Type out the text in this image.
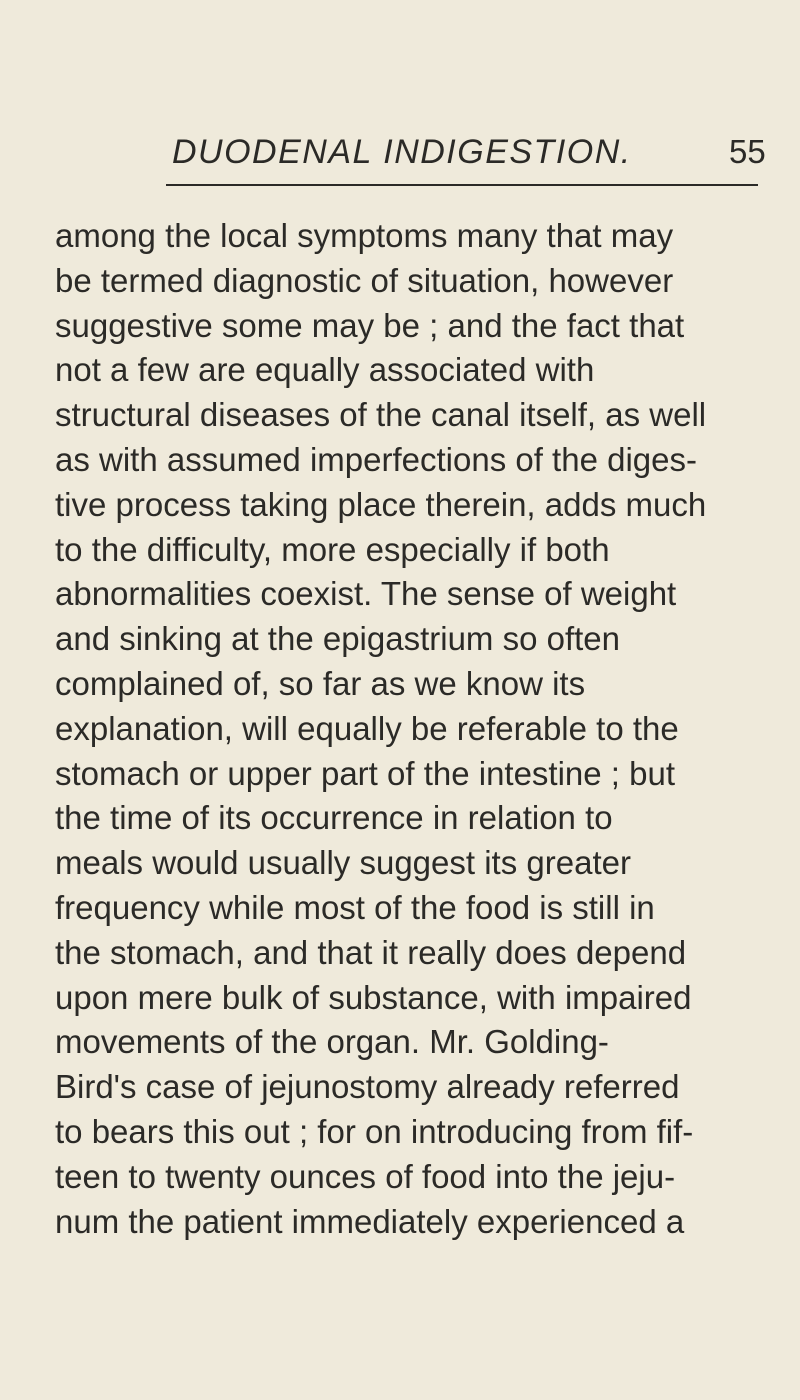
DUODENAL INDIGESTION.	55
among the local symptoms many that may
be termed diagnostic of situation, however
suggestive some may be ; and the fact that
not a few are equally associated with
structural diseases of the canal itself, as well
as with assumed imperfections of the diges-
tive process taking place therein, adds much
to the difficulty, more especially if both
abnormalities coexist. The sense of weight
and sinking at the epigastrium so often
complained of, so far as we know its
explanation, will equally be referable to the
stomach or upper part of the intestine ; but
the time of its occurrence in relation to
meals would usually suggest its greater
frequency while most of the food is still in
the stomach, and that it really does depend
upon mere bulk of substance, with impaired
movements of the organ. Mr. Golding-
Bird's case of jejunostomy already referred
to bears this out ; for on introducing from fif-
teen to twenty ounces of food into the jeju-
num the patient immediately experienced a
